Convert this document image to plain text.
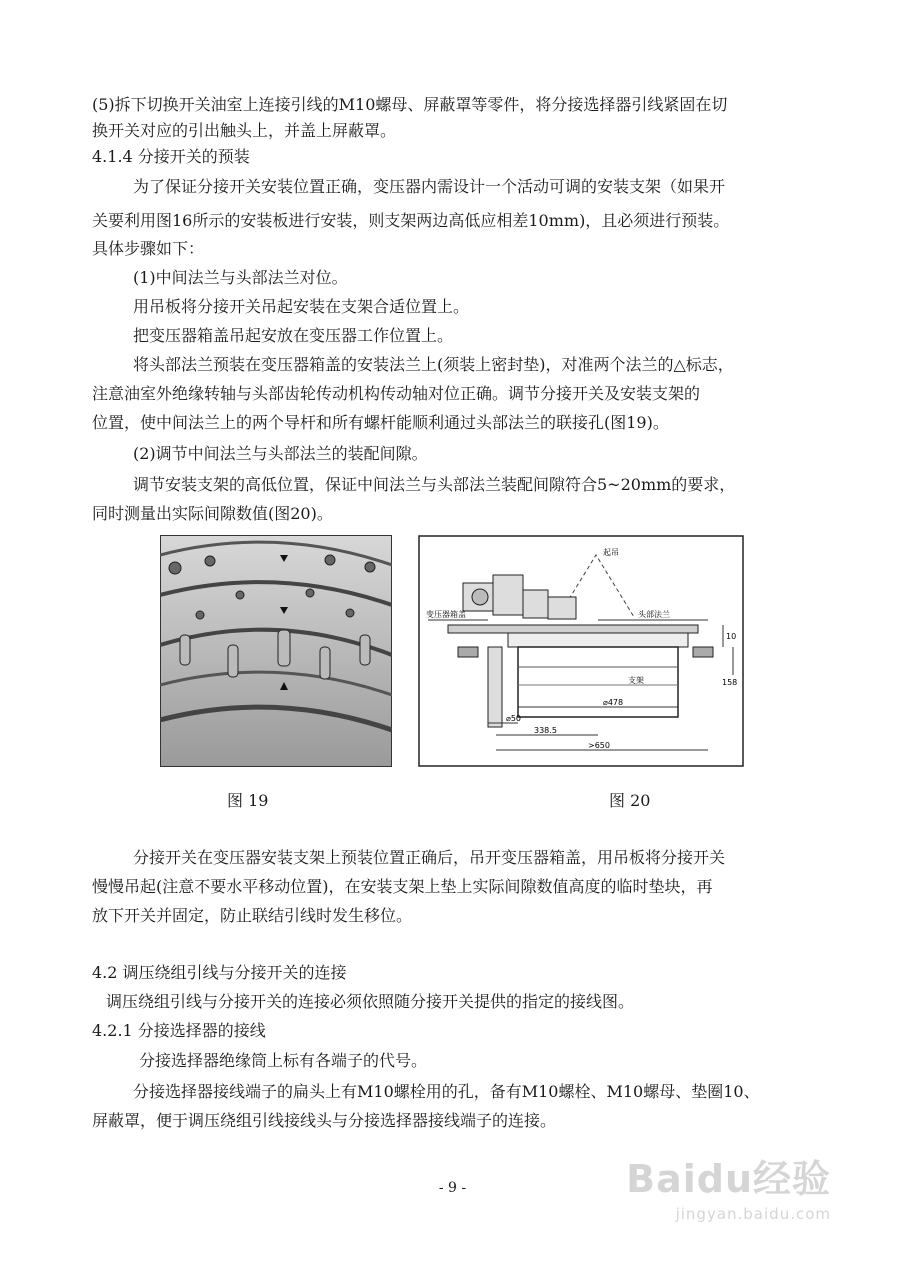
(5)拆下切换开关油室上连接引线的M10螺母、屏蔽罩等零件，将分接选择器引线紧固在切
换开关对应的引出触头上，并盖上屏蔽罩。
4.1.4 分接开关的预装
为了保证分接开关安装位置正确，变压器内需设计一个活动可调的安装支架（如果开
关要利用图16所示的安装板进行安装，则支架两边高低应相差10mm)，且必须进行预装。
具体步骤如下：
(1)中间法兰与头部法兰对位。
用吊板将分接开关吊起安装在支架合适位置上。
把变压器箱盖吊起安放在变压器工作位置上。
将头部法兰预装在变压器箱盖的安装法兰上(须装上密封垫)，对准两个法兰的△标志，
注意油室外绝缘转轴与头部齿轮传动机构传动轴对位正确。调节分接开关及安装支架的
位置，使中间法兰上的两个导杆和所有螺杆能顺利通过头部法兰的联接孔(图19)。
(2)调节中间法兰与头部法兰的装配间隙。
调节安装支架的高低位置，保证中间法兰与头部法兰装配间隙符合5~20mm的要求，
同时测量出实际间隙数值(图20)。
起吊
变压器箱盖	头部法兰
支架
⌀478
⌀50
338.5
>650
10
158
图 19	图 20
分接开关在变压器安装支架上预装位置正确后，吊开变压器箱盖，用吊板将分接开关
慢慢吊起(注意不要水平移动位置)，在安装支架上垫上实际间隙数值高度的临时垫块，再
放下开关并固定，防止联结引线时发生移位。
4.2 调压绕组引线与分接开关的连接
调压绕组引线与分接开关的连接必须依照随分接开关提供的指定的接线图。
4.2.1 分接选择器的接线
分接选择器绝缘筒上标有各端子的代号。
分接选择器接线端子的扁头上有M10螺栓用的孔，备有M10螺栓、M10螺母、垫圈10、
屏蔽罩，便于调压绕组引线接线头与分接选择器接线端子的连接。
- 9 -	Baidu经验
jingyan.baidu.com
